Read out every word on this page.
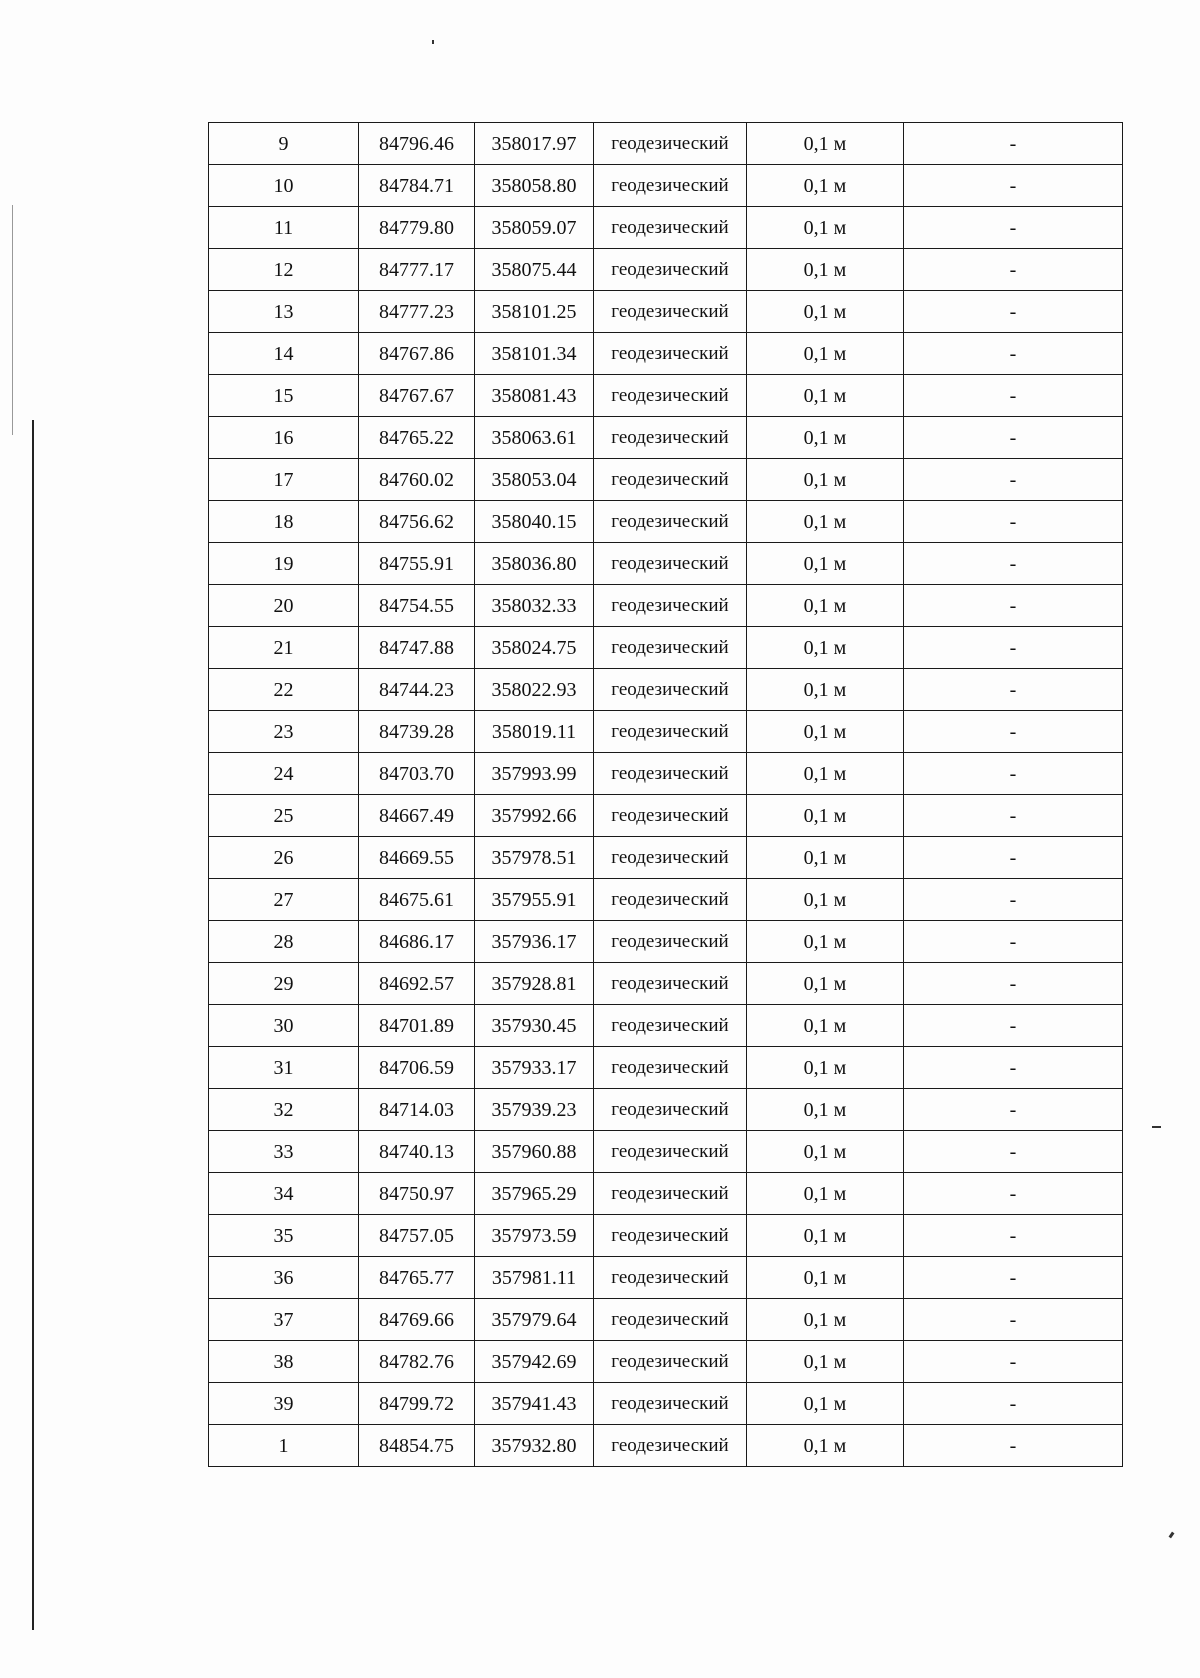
9	84796.46	358017.97	геодезический	0,1 м	-
10	84784.71	358058.80	геодезический	0,1 м	-
11	84779.80	358059.07	геодезический	0,1 м	-
12	84777.17	358075.44	геодезический	0,1 м	-
13	84777.23	358101.25	геодезический	0,1 м	-
14	84767.86	358101.34	геодезический	0,1 м	-
15	84767.67	358081.43	геодезический	0,1 м	-
16	84765.22	358063.61	геодезический	0,1 м	-
17	84760.02	358053.04	геодезический	0,1 м	-
18	84756.62	358040.15	геодезический	0,1 м	-
19	84755.91	358036.80	геодезический	0,1 м	-
20	84754.55	358032.33	геодезический	0,1 м	-
21	84747.88	358024.75	геодезический	0,1 м	-
22	84744.23	358022.93	геодезический	0,1 м	-
23	84739.28	358019.11	геодезический	0,1 м	-
24	84703.70	357993.99	геодезический	0,1 м	-
25	84667.49	357992.66	геодезический	0,1 м	-
26	84669.55	357978.51	геодезический	0,1 м	-
27	84675.61	357955.91	геодезический	0,1 м	-
28	84686.17	357936.17	геодезический	0,1 м	-
29	84692.57	357928.81	геодезический	0,1 м	-
30	84701.89	357930.45	геодезический	0,1 м	-
31	84706.59	357933.17	геодезический	0,1 м	-
32	84714.03	357939.23	геодезический	0,1 м	-
33	84740.13	357960.88	геодезический	0,1 м	-
34	84750.97	357965.29	геодезический	0,1 м	-
35	84757.05	357973.59	геодезический	0,1 м	-
36	84765.77	357981.11	геодезический	0,1 м	-
37	84769.66	357979.64	геодезический	0,1 м	-
38	84782.76	357942.69	геодезический	0,1 м	-
39	84799.72	357941.43	геодезический	0,1 м	-
1	84854.75	357932.80	геодезический	0,1 м	-
